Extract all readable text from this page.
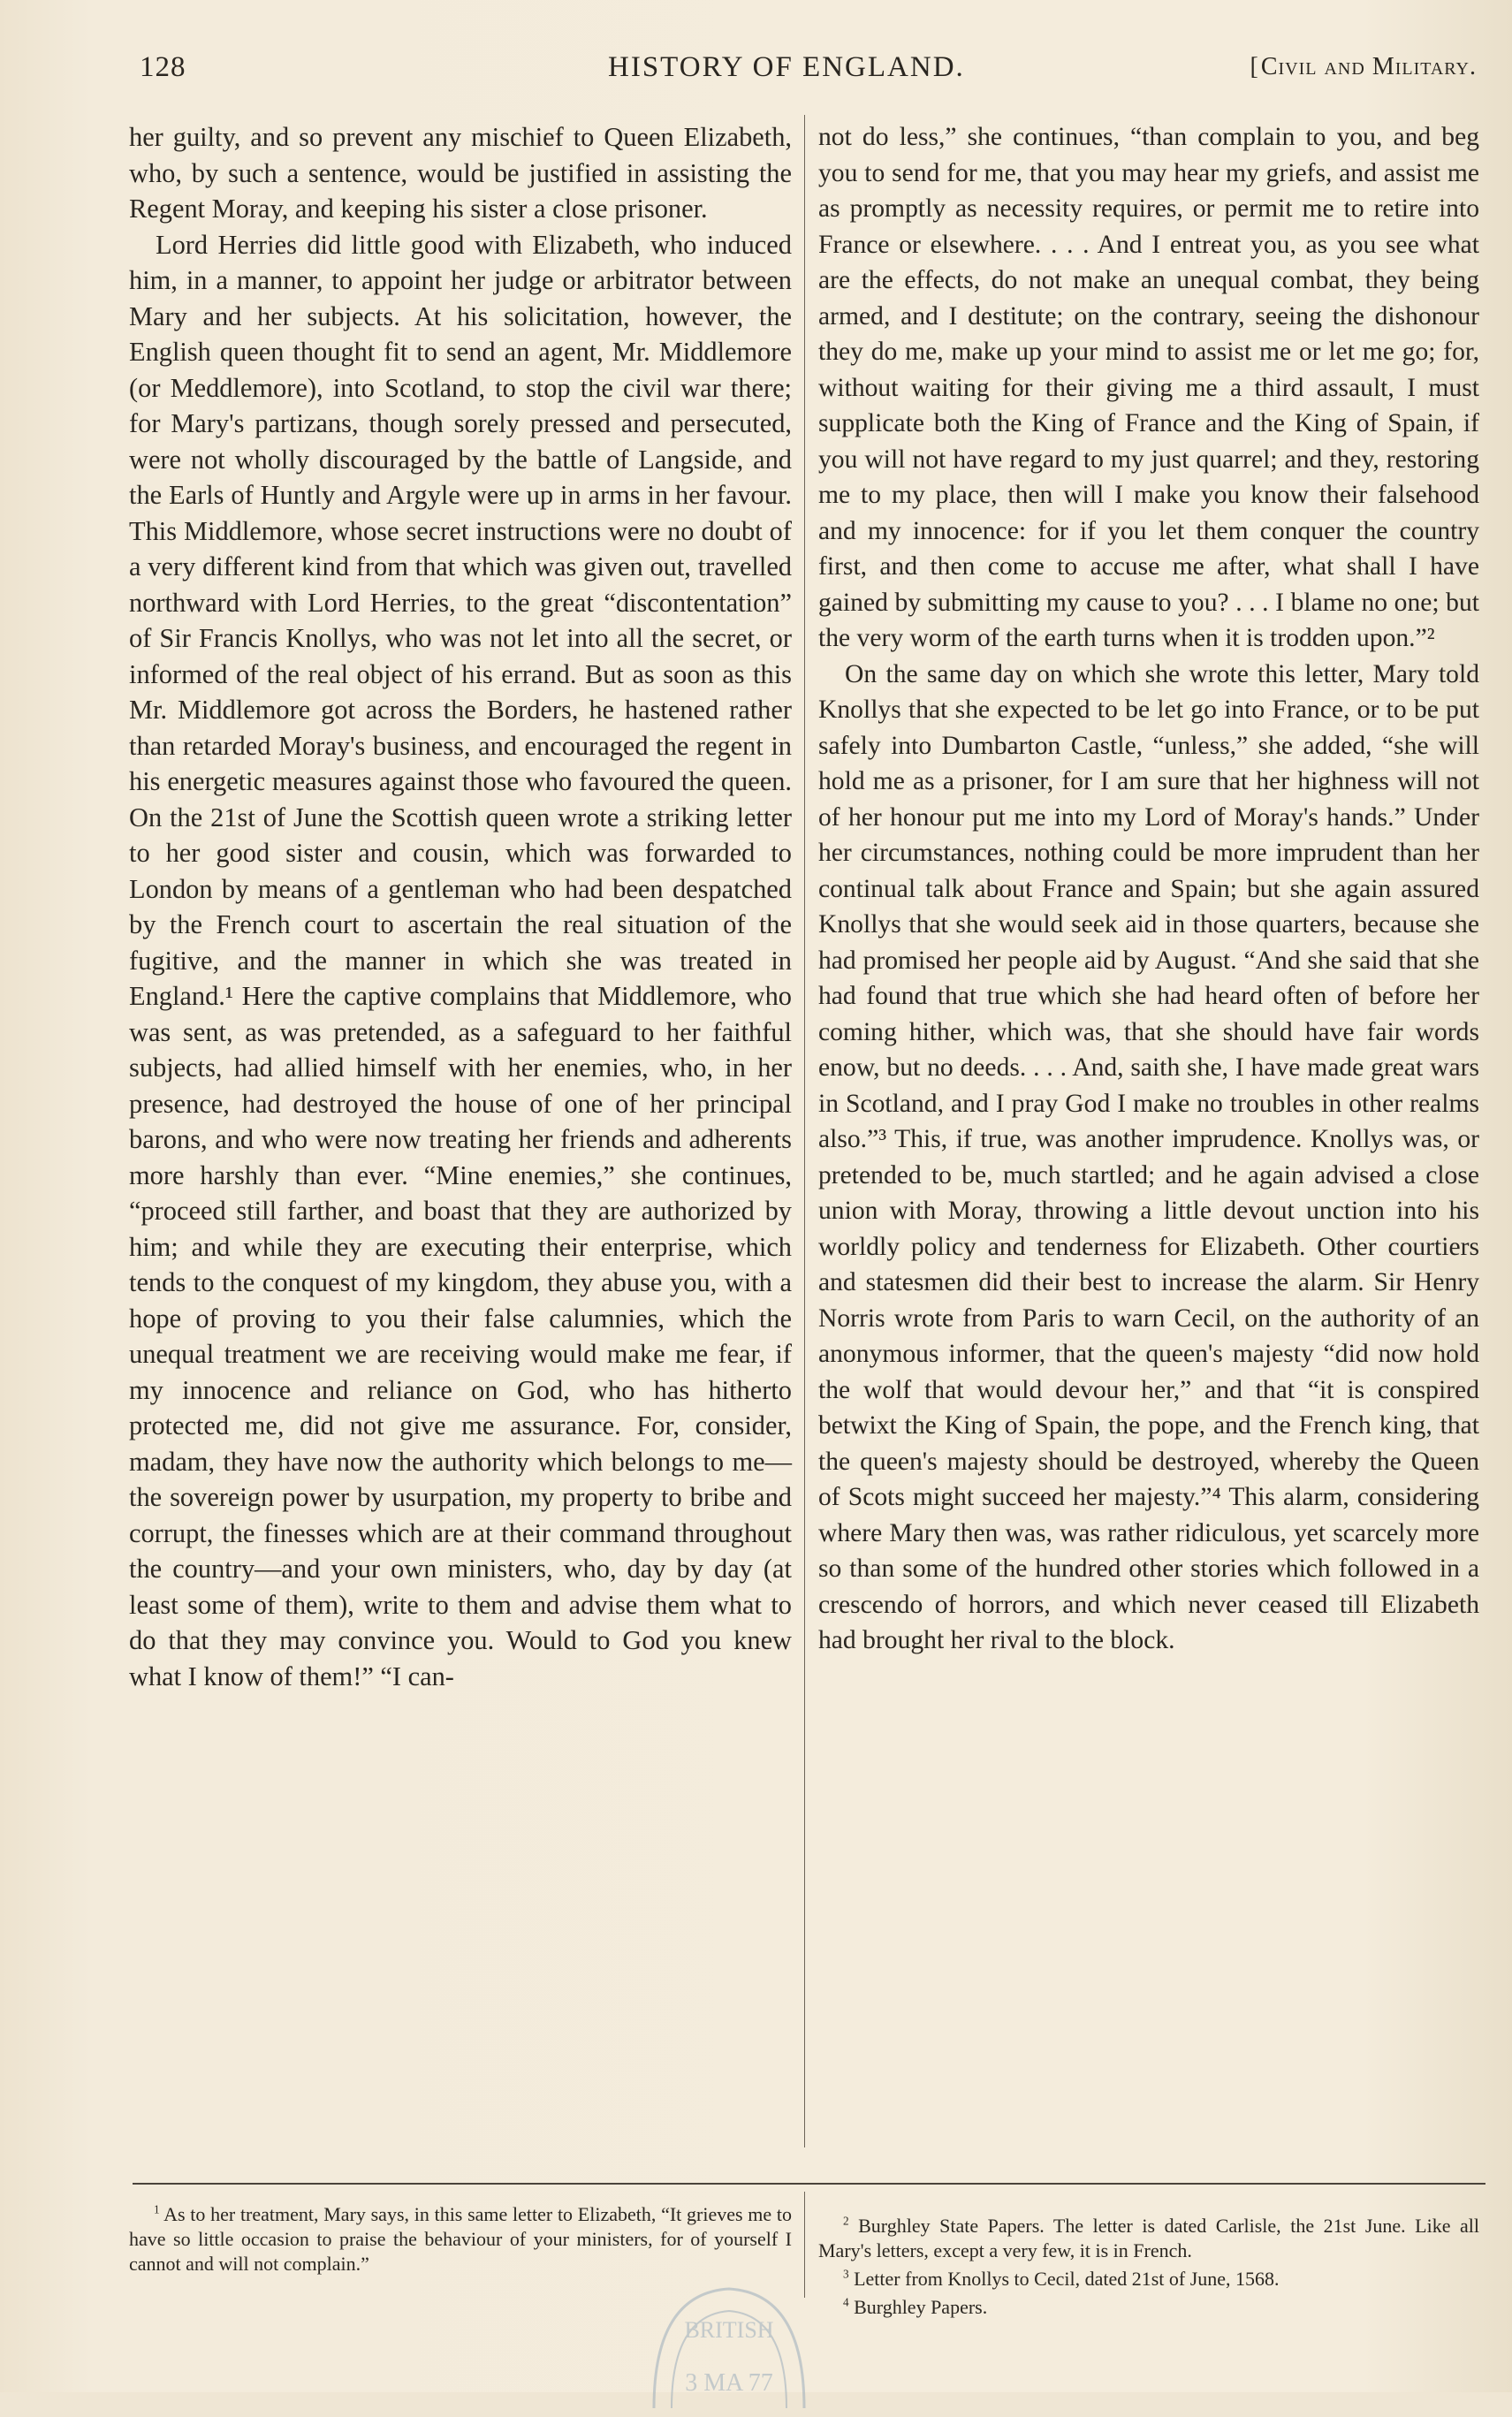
128	HISTORY OF ENGLAND.
[	Civil and Military.

her guilty, and so prevent any mischief to Queen Elizabeth, who, by such a sentence, would be justified in assisting the Regent Moray, and keeping his sister a close prisoner.

Lord Herries did little good with Elizabeth, who induced him, in a manner, to appoint her judge or arbitrator between Mary and her subjects. At his solicitation, however, the English queen thought fit to send an agent, Mr. Middlemore (or Meddlemore), into Scotland, to stop the civil war there; for Mary's partizans, though sorely pressed and persecuted, were not wholly discouraged by the battle of Langside, and the Earls of Huntly and Argyle were up in arms in her favour. This Middlemore, whose secret instructions were no doubt of a very different kind from that which was given out, travelled northward with Lord Herries, to the great “discontentation” of Sir Francis Knollys, who was not let into all the secret, or informed of the real object of his errand. But as soon as this Mr. Middlemore got across the Borders, he hastened rather than retarded Moray's business, and encouraged the regent in his energetic measures against those who favoured the queen. On the 21st of June the Scottish queen wrote a striking letter to her good sister and cousin, which was forwarded to London by means of a gentleman who had been despatched by the French court to ascertain the real situation of the fugitive, and the manner in which she was treated in England.¹ Here the captive complains that Middlemore, who was sent, as was pretended, as a safeguard to her faithful subjects, had allied himself with her enemies, who, in her presence, had destroyed the house of one of her principal barons, and who were now treating her friends and adherents more harshly than ever. “Mine enemies,” she continues, “proceed still farther, and boast that they are authorized by him; and while they are executing their enterprise, which tends to the conquest of my kingdom, they abuse you, with a hope of proving to you their false calumnies, which the unequal treatment we are receiving would make me fear, if my innocence and reliance on God, who has hitherto protected me, did not give me assurance. For, consider, madam, they have now the authority which belongs to me—the sovereign power by usurpation, my property to bribe and corrupt, the finesses which are at their command throughout the country—and your own ministers, who, day by day (at least some of them), write to them and advise them what to do that they may convince you. Would to God you knew what I know of them!” “I can-

not do less,” she continues, “than complain to you, and beg you to send for me, that you may hear my griefs, and assist me as promptly as necessity requires, or permit me to retire into France or elsewhere. . . . And I entreat you, as you see what are the effects, do not make an unequal combat, they being armed, and I destitute; on the contrary, seeing the dishonour they do me, make up your mind to assist me or let me go; for, without waiting for their giving me a third assault, I must supplicate both the King of France and the King of Spain, if you will not have regard to my just quarrel; and they, restoring me to my place, then will I make you know their falsehood and my innocence: for if you let them conquer the country first, and then come to accuse me after, what shall I have gained by submitting my cause to you? . . . I blame no one; but the very worm of the earth turns when it is trodden upon.”²

On the same day on which she wrote this letter, Mary told Knollys that she expected to be let go into France, or to be put safely into Dumbarton Castle, “unless,” she added, “she will hold me as a prisoner, for I am sure that her highness will not of her honour put me into my Lord of Moray's hands.” Under her circumstances, nothing could be more imprudent than her continual talk about France and Spain; but she again assured Knollys that she would seek aid in those quarters, because she had promised her people aid by August. “And she said that she had found that true which she had heard often of before her coming hither, which was, that she should have fair words enow, but no deeds. . . . And, saith she, I have made great wars in Scotland, and I pray God I make no troubles in other realms also.”³ This, if true, was another imprudence. Knollys was, or pretended to be, much startled; and he again advised a close union with Moray, throwing a little devout unction into his worldly policy and tenderness for Elizabeth. Other courtiers and statesmen did their best to increase the alarm. Sir Henry Norris wrote from Paris to warn Cecil, on the authority of an anonymous informer, that the queen's majesty “did now hold the wolf that would devour her,” and that “it is conspired betwixt the King of Spain, the pope, and the French king, that the queen's majesty should be destroyed, whereby the Queen of Scots might succeed her majesty.”⁴ This alarm, considering where Mary then was, was rather ridiculous, yet scarcely more so than some of the hundred other stories which followed in a crescendo of horrors, and which never ceased till Elizabeth had brought her rival to the block.

$^1$ As to her treatment, Mary says, in this same letter to Elizabeth, “It grieves me to have so little occasion to praise the behaviour of your ministers, for of yourself I cannot and will not complain.”

$^2$ Burghley State Papers. The letter is dated Carlisle, the 21st June. Like all Mary's letters, except a very few, it is in French.

$^3$ Letter from Knollys to Cecil, dated 21st of June, 1568.

$^4$ Burghley Papers.

BRITISH
3 MA 77
